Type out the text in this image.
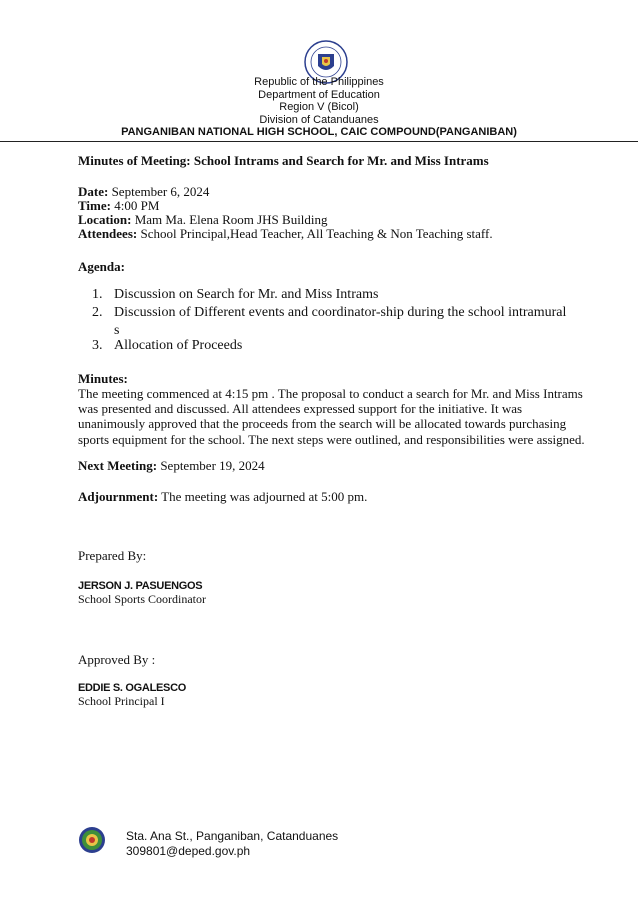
Republic of the Philippines
Department of Education
Region V (Bicol)
Division of Catanduanes
PANGANIBAN NATIONAL HIGH SCHOOL, CAIC COMPOUND(PANGANIBAN)
Minutes of Meeting: School Intrams and Search for Mr. and Miss Intrams
Date: September 6, 2024
Time: 4:00 PM
Location: Mam Ma. Elena Room JHS Building
Attendees: School Principal,Head Teacher, All Teaching & Non Teaching staff.
Agenda:
1. Discussion on Search for Mr. and Miss Intrams
2. Discussion of Different events and coordinator-ship during the school intramural
s
3. Allocation of Proceeds
Minutes:
The meeting commenced at 4:15 pm . The proposal to conduct a search for Mr. and Miss Intrams was presented and discussed. All attendees expressed support for the initiative. It was unanimously approved that the proceeds from the search will be allocated towards purchasing sports equipment for the school. The next steps were outlined, and responsibilities were assigned.
Next Meeting: September 19, 2024
Adjournment: The meeting was adjourned at 5:00 pm.
Prepared By:
JERSON J. PASUENGOS
School Sports Coordinator
Approved By :
EDDIE S. OGALESCO
School Principal I
Sta. Ana St., Panganiban, Catanduanes
309801@deped.gov.ph
